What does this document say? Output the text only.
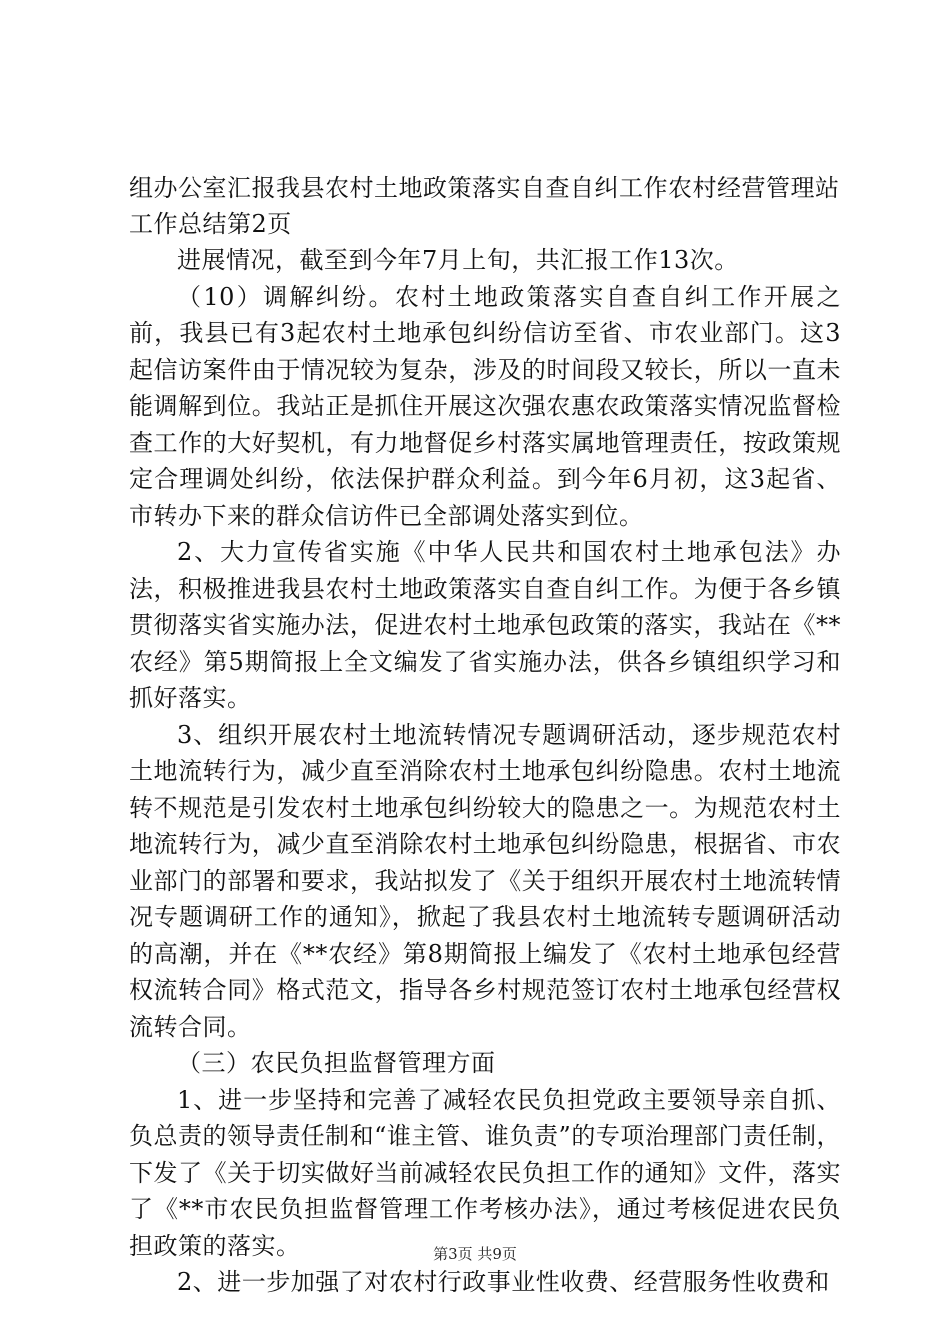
组办公室汇报我县农村土地政策落实自查自纠工作农村经营管理站工作总结第2页

进展情况，截至到今年7月上旬，共汇报工作13次。

（10）调解纠纷。农村土地政策落实自查自纠工作开展之前，我县已有3起农村土地承包纠纷信访至省、市农业部门。这3起信访案件由于情况较为复杂，涉及的时间段又较长，所以一直未能调解到位。我站正是抓住开展这次强农惠农政策落实情况监督检查工作的大好契机，有力地督促乡村落实属地管理责任，按政策规定合理调处纠纷，依法保护群众利益。到今年6月初，这3起省、市转办下来的群众信访件已全部调处落实到位。

2、大力宣传省实施《中华人民共和国农村土地承包法》办法，积极推进我县农村土地政策落实自查自纠工作。为便于各乡镇贯彻落实省实施办法，促进农村土地承包政策的落实，我站在《**农经》第5期简报上全文编发了省实施办法，供各乡镇组织学习和抓好落实。

3、组织开展农村土地流转情况专题调研活动，逐步规范农村土地流转行为，减少直至消除农村土地承包纠纷隐患。农村土地流转不规范是引发农村土地承包纠纷较大的隐患之一。为规范农村土地流转行为，减少直至消除农村土地承包纠纷隐患，根据省、市农业部门的部署和要求，我站拟发了《关于组织开展农村土地流转情况专题调研工作的通知》，掀起了我县农村土地流转专题调研活动的高潮，并在《**农经》第8期简报上编发了《农村土地承包经营权流转合同》格式范文，指导各乡村规范签订农村土地承包经营权流转合同。

（三）农民负担监督管理方面

1、进一步坚持和完善了减轻农民负担党政主要领导亲自抓、负总责的领导责任制和“谁主管、谁负责”的专项治理部门责任制，下发了《关于切实做好当前减轻农民负担工作的通知》文件，落实了《**市农民负担监督管理工作考核办法》，通过考核促进农民负担政策的落实。

2、进一步加强了对农村行政事业性收费、经营服务性收费和

第3页 共9页
